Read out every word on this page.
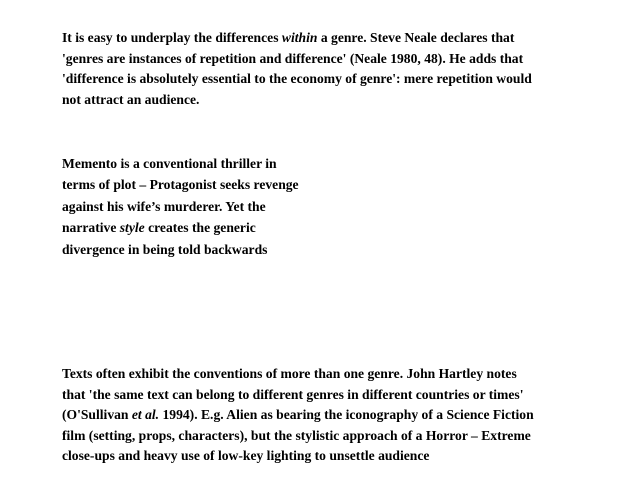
It is easy to underplay the differences within a genre. Steve Neale declares that
'genres are instances of repetition and difference' (Neale 1980, 48). He adds that
'difference is absolutely essential to the economy of genre': mere repetition would
not attract an audience.

Memento is a conventional thriller in
terms of plot – Protagonist seeks revenge
against his wife’s murderer. Yet the
narrative style creates the generic
divergence in being told backwards

Texts often exhibit the conventions of more than one genre. John Hartley notes
that 'the same text can belong to different genres in different countries or times'
(O'Sullivan et al. 1994). E.g. Alien as bearing the iconography of a Science Fiction
film (setting, props, characters), but the stylistic approach of a Horror – Extreme
close-ups and heavy use of low-key lighting to unsettle audience
